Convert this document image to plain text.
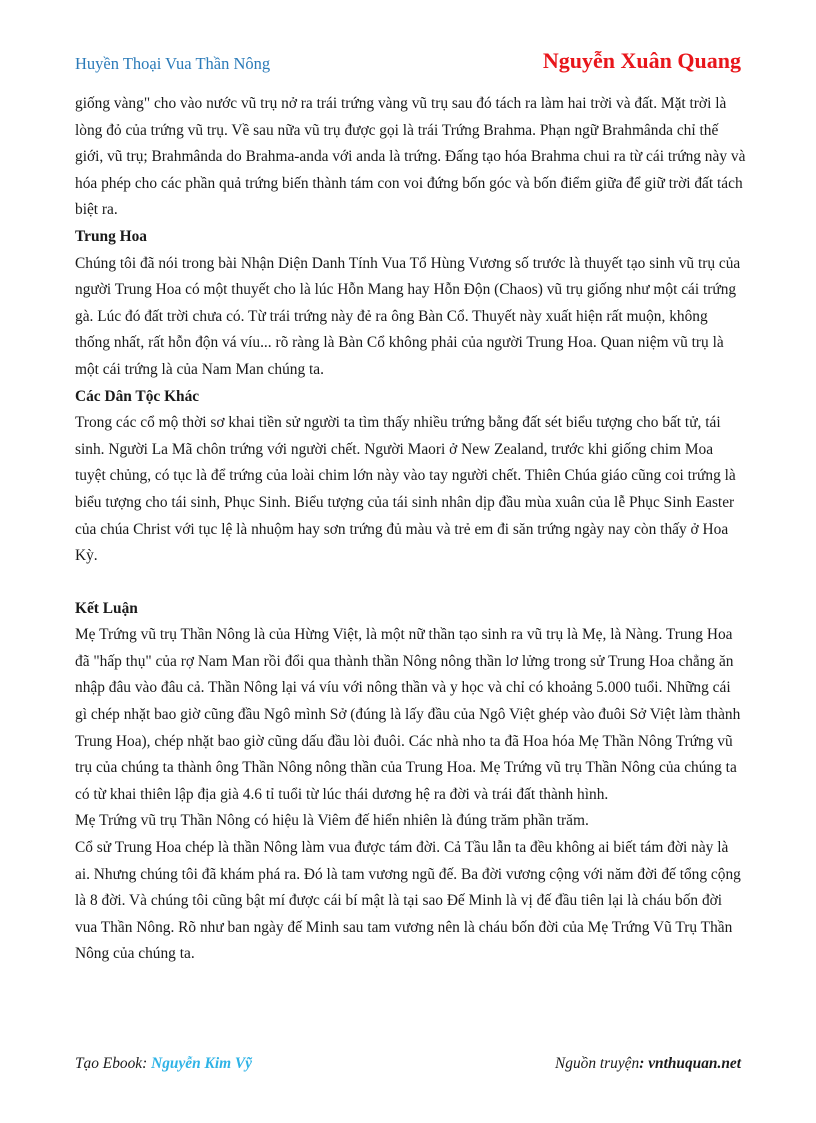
Huyền Thoại Vua Thần Nông	Nguyễn Xuân Quang

giống vàng" cho vào nước vũ trụ nở ra trái trứng vàng vũ trụ sau đó tách ra làm hai trời và đất. Mặt trời là lòng đỏ của trứng vũ trụ. Về sau nữa vũ trụ được gọi là trái Trứng Brahma. Phạn ngữ Brahmânda chỉ thế giới, vũ trụ; Brahmânda do Brahma-anda với anda là trứng. Đấng tạo hóa Brahma chui ra từ cái trứng này và hóa phép cho các phần quả trứng biến thành tám con voi đứng bốn góc và bốn điểm giữa để giữ trời đất tách biệt ra.

Trung Hoa

Chúng tôi đã nói trong bài Nhận Diện Danh Tính Vua Tổ Hùng Vương số trước là thuyết tạo sinh vũ trụ của người Trung Hoa có một thuyết cho là lúc Hỗn Mang hay Hỗn Độn (Chaos) vũ trụ giống như một cái trứng gà. Lúc đó đất trời chưa có. Từ trái trứng này đẻ ra ông Bàn Cổ. Thuyết này xuất hiện rất muộn, không thống nhất, rất hỗn độn vá víu... rõ ràng là Bàn Cổ không phải của người Trung Hoa. Quan niệm vũ trụ là một cái trứng là của Nam Man chúng ta.

Các Dân Tộc Khác

Trong các cổ mộ thời sơ khai tiền sử người ta tìm thấy nhiều trứng bằng đất sét biểu tượng cho bất tử, tái sinh. Người La Mã chôn trứng với người chết. Người Maori ở New Zealand, trước khi giống chim Moa tuyệt chủng, có tục là để trứng của loài chim lớn này vào tay người chết. Thiên Chúa giáo cũng coi trứng là biểu tượng cho tái sinh, Phục Sinh. Biểu tượng của tái sinh nhân dịp đầu mùa xuân của lễ Phục Sinh Easter của chúa Christ với tục lệ là nhuộm hay sơn trứng đủ màu và trẻ em đi săn trứng ngày nay còn thấy ở Hoa Kỳ.

Kết Luận

Mẹ Trứng vũ trụ Thần Nông là của Hừng Việt, là một nữ thần tạo sinh ra vũ trụ là Mẹ, là Nàng. Trung Hoa đã "hấp thụ" của rợ Nam Man rồi đổi qua thành thần Nông nông thần lơ lửng trong sử Trung Hoa chẳng ăn nhập đâu vào đâu cả. Thần Nông lại vá víu với nông thần và y học và chỉ có khoảng 5.000 tuổi. Những cái gì chép nhặt bao giờ cũng đầu Ngô mình Sở (đúng là lấy đầu của Ngô Việt ghép vào đuôi Sở Việt làm thành Trung Hoa), chép nhặt bao giờ cũng dấu đầu lòi đuôi. Các nhà nho ta đã Hoa hóa Mẹ Thần Nông Trứng vũ trụ của chúng ta thành ông Thần Nông nông thần của Trung Hoa. Mẹ Trứng vũ trụ Thần Nông của chúng ta có từ khai thiên lập địa già 4.6 tỉ tuổi từ lúc thái dương hệ ra đời và trái đất thành hình.

Mẹ Trứng vũ trụ Thần Nông có hiệu là Viêm đế hiển nhiên là đúng trăm phần trăm.

Cổ sử Trung Hoa chép là thần Nông làm vua được tám đời. Cả Tầu lẫn ta đều không ai biết tám đời này là ai. Nhưng chúng tôi đã khám phá ra. Đó là tam vương ngũ đế. Ba đời vương cộng với năm đời đế tổng cộng là 8 đời. Và chúng tôi cũng bật mí được cái bí mật là tại sao Đế Minh là vị đế đầu tiên lại là cháu bốn đời vua Thần Nông. Rõ như ban ngày đế Minh sau tam vương nên là cháu bốn đời của Mẹ Trứng Vũ Trụ Thần Nông của chúng ta.

Tạo Ebook: Nguyễn Kim Vỹ	Nguồn truyện: vnthuquan.net
